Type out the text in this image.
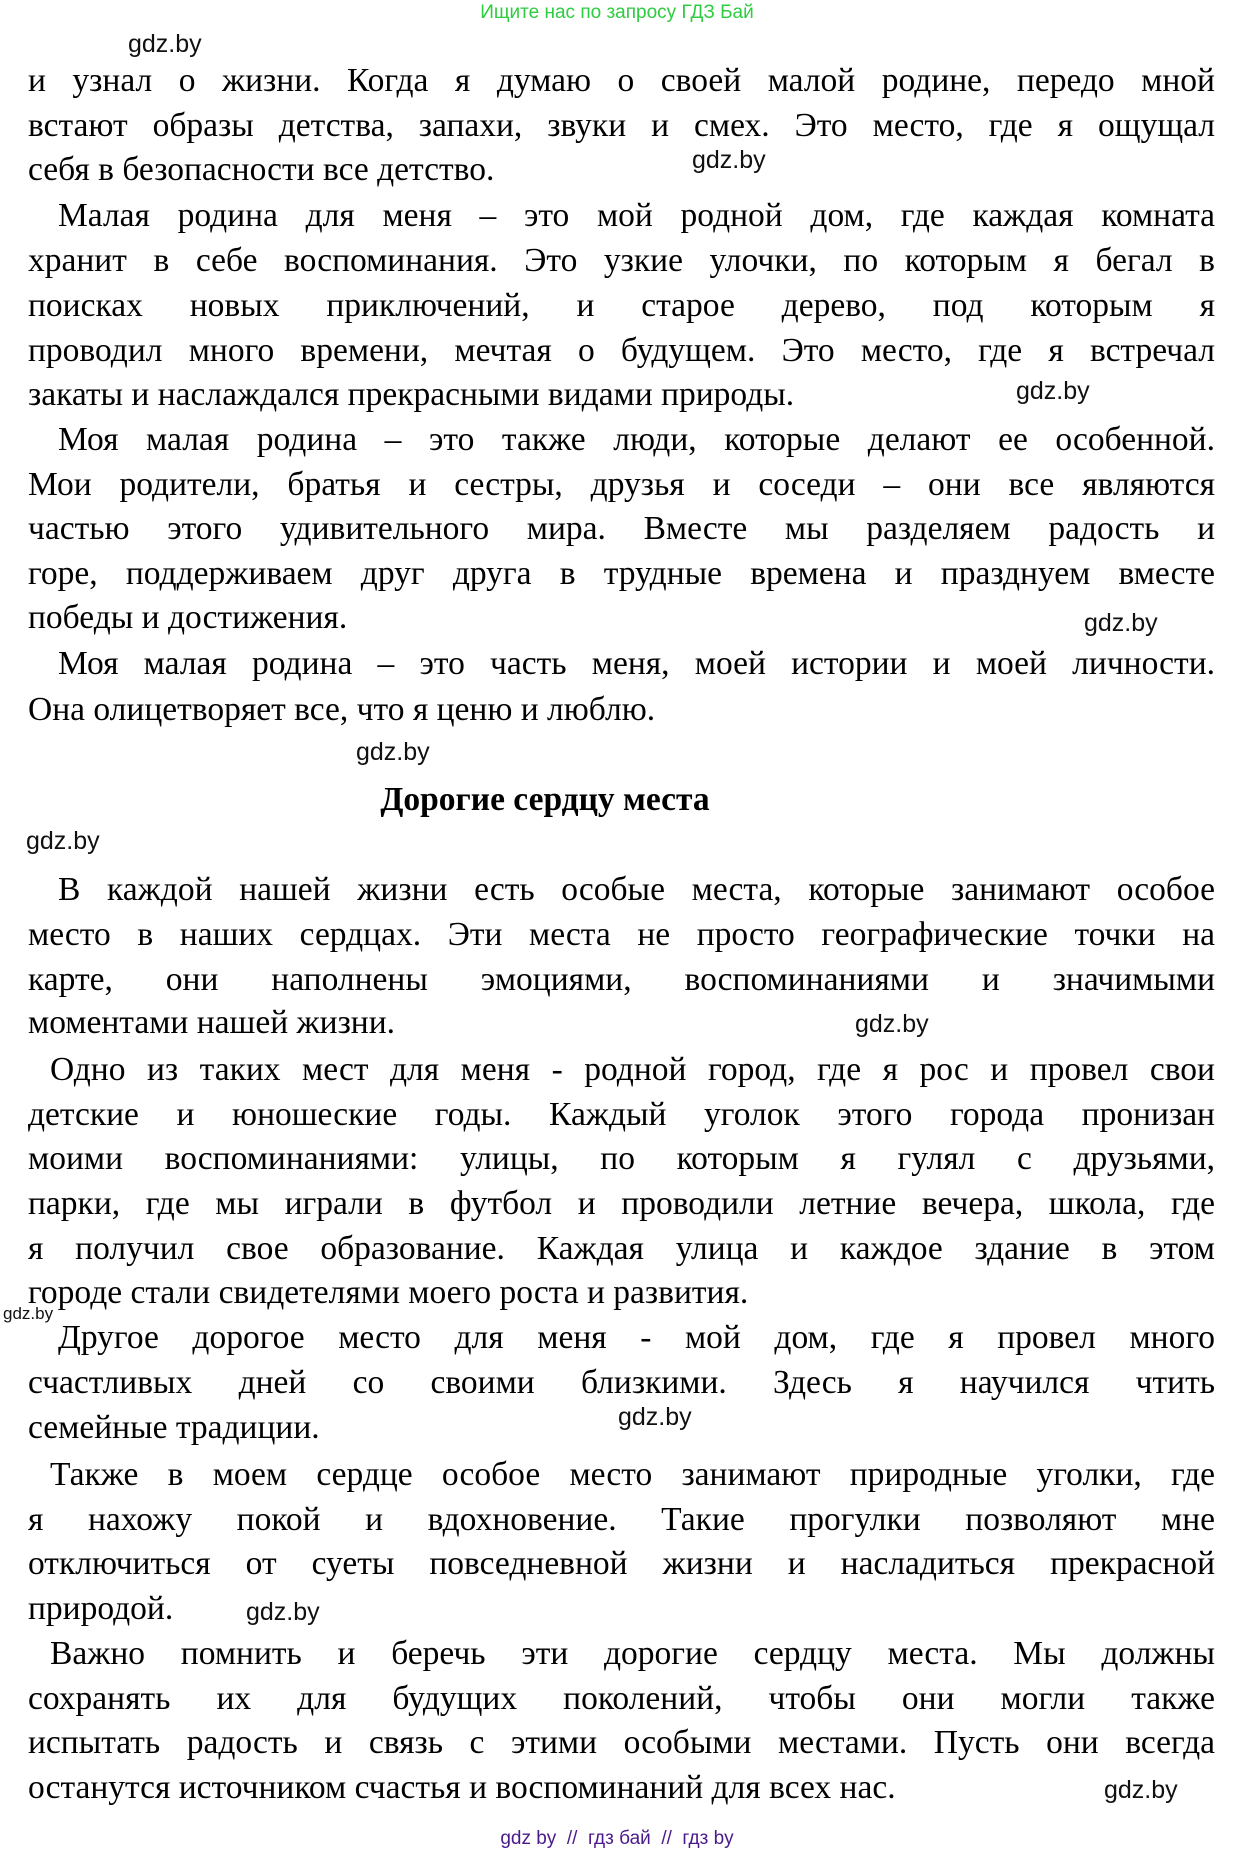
Ищите нас по запросу ГДЗ Бай
gdz.by
и узнал о жизни. Когда я думаю о своей малой родине, передо мной
встают образы детства, запахи, звуки и смех. Это место, где я ощущал
себя в безопасности все детство.	gdz.by
Малая родина для меня – это мой родной дом, где каждая комната
хранит в себе воспоминания. Это узкие улочки, по которым я бегал в
поисках новых приключений, и старое дерево, под которым я
проводил много времени, мечтая о будущем. Это место, где я встречал
закаты и наслаждался прекрасными видами природы.	gdz.by
Моя малая родина – это также люди, которые делают ее особенной.
Мои родители, братья и сестры, друзья и соседи – они все являются
частью этого удивительного мира. Вместе мы разделяем радость и
горе, поддерживаем друг друга в трудные времена и празднуем вместе
победы и достижения.	gdz.by
Моя малая родина – это часть меня, моей истории и моей личности.
Она олицетворяет все, что я ценю и люблю.
gdz.by
Дорогие сердцу места
gdz.by
В каждой нашей жизни есть особые места, которые занимают особое
место в наших сердцах. Эти места не просто географические точки на
карте, они наполнены эмоциями, воспоминаниями и значимыми
моментами нашей жизни.	gdz.by
Одно из таких мест для меня - родной город, где я рос и провел свои
детские и юношеские годы. Каждый уголок этого города пронизан
моими воспоминаниями: улицы, по которым я гулял с друзьями,
парки, где мы играли в футбол и проводили летние вечера, школа, где
я получил свое образование. Каждая улица и каждое здание в этом
городе стали свидетелями моего роста и развития.
gdz.by
Другое дорогое место для меня - мой дом, где я провел много
счастливых дней со своими близкими. Здесь я научился чтить
семейные традиции.	gdz.by
Также в моем сердце особое место занимают природные уголки, где
я нахожу покой и вдохновение. Такие прогулки позволяют мне
отключиться от суеты повседневной жизни и насладиться прекрасной
природой.	gdz.by
Важно помнить и беречь эти дорогие сердцу места. Мы должны
сохранять их для будущих поколений, чтобы они могли также
испытать радость и связь с этими особыми местами. Пусть они всегда
останутся источником счастья и воспоминаний для всех нас.	gdz.by
gdz by  //  гдз бай  //  гдз by
